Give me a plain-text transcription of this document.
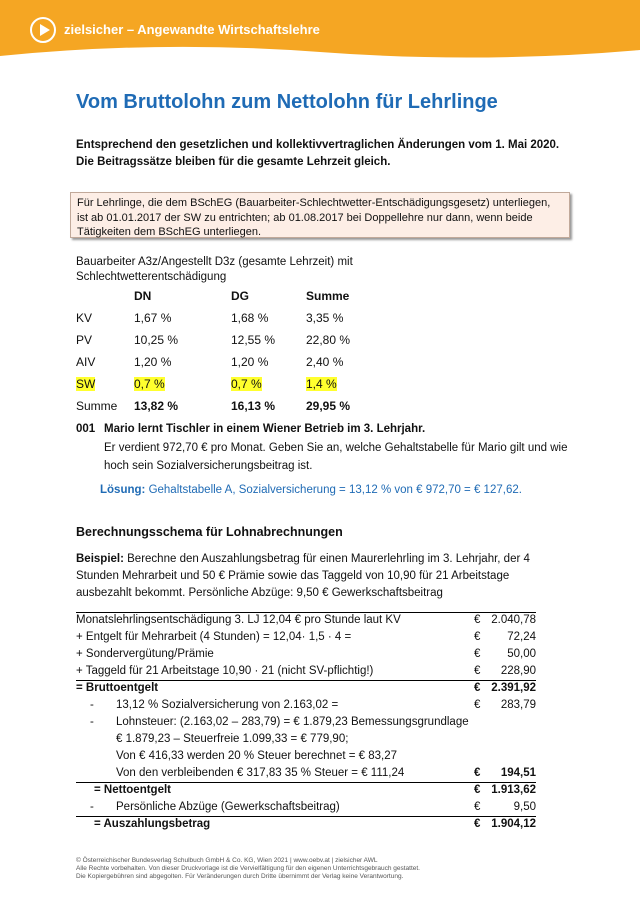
zielsicher – Angewandte Wirtschaftslehre
Vom Bruttolohn zum Nettolohn für Lehrlinge
Entsprechend den gesetzlichen und kollektivvertraglichen Änderungen vom 1. Mai 2020. Die Beitragssätze bleiben für die gesamte Lehrzeit gleich.
Für Lehrlinge, die dem BSchEG (Bauarbeiter-Schlechtwetter-Entschädigungsgesetz) unterliegen, ist ab 01.01.2017 der SW zu entrichten; ab 01.08.2017 bei Doppellehre nur dann, wenn beide Tätigkeiten dem BSchEG unterliegen.
Bauarbeiter A3z/Angestellt D3z (gesamte Lehrzeit) mit Schlechtwetterentschädigung
DN	DG	Summe
KV	1,67 %	1,68 %	3,35 %
PV	10,25 %	12,55 %	22,80 %
AIV	1,20 %	1,20 %	2,40 %
SW	0,7 %	0,7 %	1,4 %
Summe 13,82 %	16,13 %	29,95 %
001 Mario lernt Tischler in einem Wiener Betrieb im 3. Lehrjahr.
Er verdient 972,70 € pro Monat. Geben Sie an, welche Gehaltstabelle für Mario gilt und wie hoch sein Sozialversicherungsbeitrag ist.
Lösung: Gehaltstabelle A, Sozialversicherung = 13,12 % von € 972,70 = € 127,62.
Berechnungsschema für Lohnabrechnungen
Beispiel: Berechne den Auszahlungsbetrag für einen Maurerlehrling im 3. Lehrjahr, der 4 Stunden Mehrarbeit und 50 € Prämie sowie das Taggeld von 10,90 für 21 Arbeitstage ausbezahlt bekommt. Persönliche Abzüge: 9,50 € Gewerkschaftsbeitrag
Monatslehrlingsentschädigung 3. LJ 12,04 € pro Stunde laut KV	€ 2.040,78
+ Entgelt für Mehrarbeit (4 Stunden) = 12,04· 1,5 · 4 =	€ 72,24
+ Sondervergütung/Prämie	€ 50,00
+ Taggeld für 21 Arbeitstage 10,90 · 21 (nicht SV-pflichtig!)	€ 228,90
= Bruttoentgelt	€ 2.391,92
- 13,12 % Sozialversicherung von 2.163,02 =	€ 283,79
- Lohnsteuer: (2.163,02 – 283,79) = € 1.879,23 Bemessungsgrundlage
€ 1.879,23 – Steuerfreie 1.099,33 = € 779,90;
Von € 416,33 werden 20 % Steuer berechnet = € 83,27
Von den verbleibenden € 317,83 35 % Steuer = € 111,24	€ 194,51
= Nettoentgelt	€ 1.913,62
- Persönliche Abzüge (Gewerkschaftsbeitrag)	€	9,50
= Auszahlungsbetrag	€ 1.904,12
© Österreichischer Bundesverlag Schulbuch GmbH & Co. KG, Wien 2021 | www.oebv.at | zielsicher AWL
Alle Rechte vorbehalten. Von dieser Druckvorlage ist die Vervielfältigung für den eigenen Unterrichtsgebrauch gestattet.
Die Kopiergebühren sind abgegolten. Für Veränderungen durch Dritte übernimmt der Verlag keine Verantwortung.
